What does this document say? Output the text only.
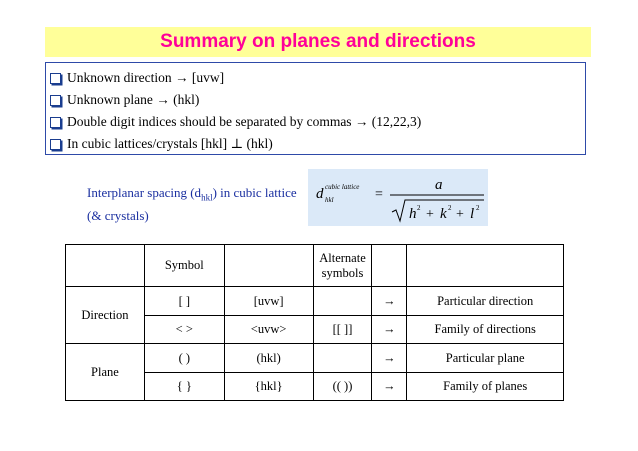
Summary on planes and directions
Unknown direction → [uvw]
Unknown plane → (hkl)
Double digit indices should be separated by commas → (12,22,3)
In cubic lattices/crystals [hkl] ⊥ (hkl)
Interplanar spacing $(d_{hkl})$ in cubic lattice (& crystals)
d cubic lattice
hkl	=
a
h 2 + k 2 + l 2
	Symbol		Alternate symbols		
Direction	[ ]	[uvw]		→	Particular direction
	< >	<uvw>	[[ ]]	→	Family of directions
Plane	( )	(hkl)		→	Particular plane
	{ }	{hkl}	(( ))	→	Family of planes
